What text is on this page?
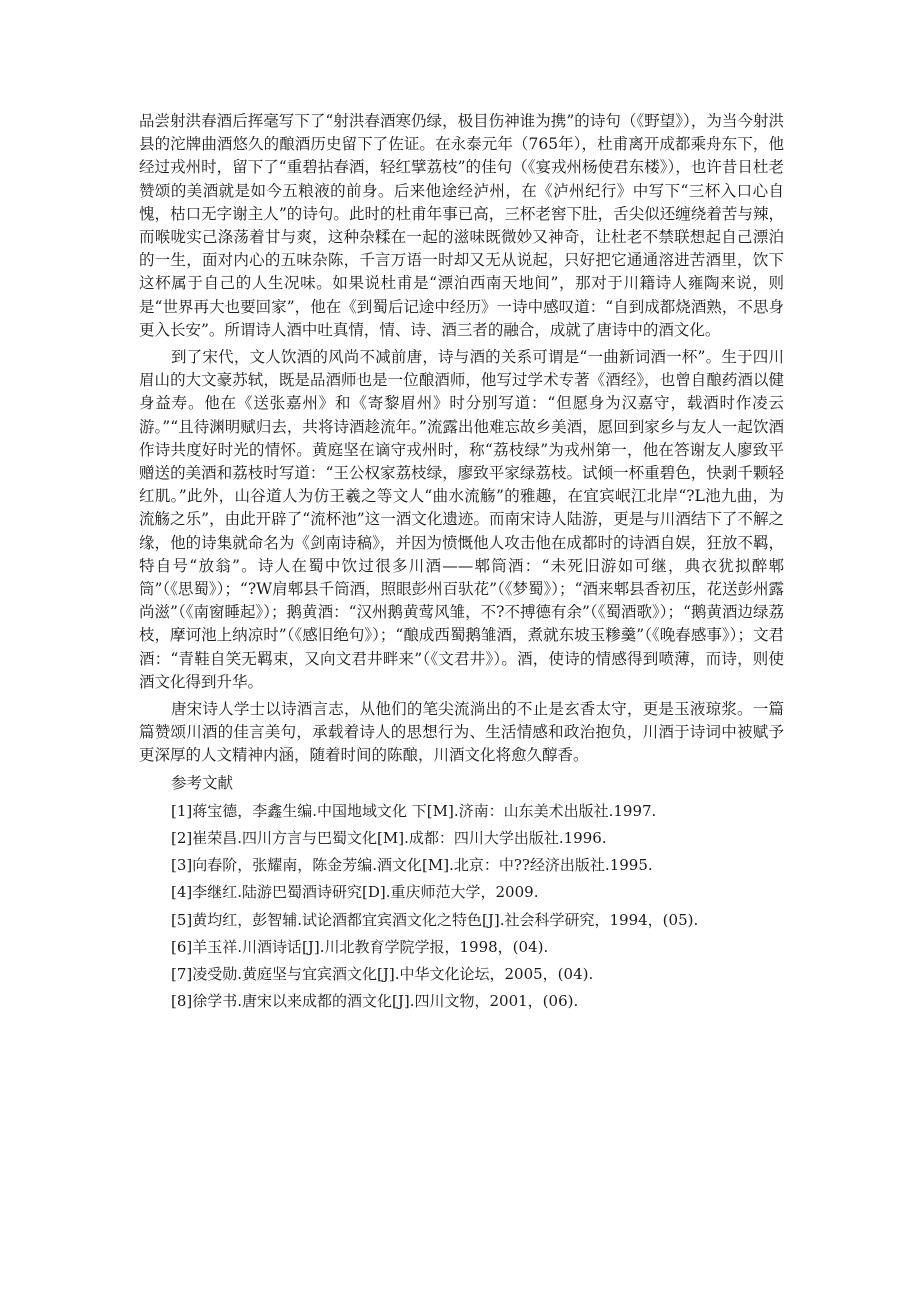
品尝射洪春酒后挥毫写下了“射洪春酒寒仍绿，极目伤神谁为携”的诗句（《野望》），为当今射洪县的沱牌曲酒悠久的酿酒历史留下了佐证。在永泰元年（765年），杜甫离开成都乘舟东下，他经过戎州时，留下了“重碧拈春酒，轻红擘荔枝”的佳句（《宴戎州杨使君东楼》），也许昔日杜老赞颂的美酒就是如今五粮液的前身。后来他途经泸州，在《泸州纪行》中写下“三杯入口心自愧，枯口无字谢主人”的诗句。此时的杜甫年事已高，三杯老窖下肚，舌尖似还缠绕着苦与辣，而喉咙实己涤荡着甘与爽，这种杂糅在一起的滋味既微妙又神奇，让杜老不禁联想起自己漂泊的一生，面对内心的五味杂陈，千言万语一时却又无从说起，只好把它通通溶进苦酒里，饮下这杯属于自己的人生况味。如果说杜甫是“漂泊西南天地间”，那对于川籍诗人雍陶来说，则是“世界再大也要回家”，他在《到蜀后记途中经历》一诗中感叹道：“自到成都烧酒熟，不思身更入长安”。所谓诗人酒中吐真情，情、诗、酒三者的融合，成就了唐诗中的酒文化。

到了宋代，文人饮酒的风尚不减前唐，诗与酒的关系可谓是“一曲新词酒一杯”。生于四川眉山的大文豪苏轼，既是品酒师也是一位酿酒师，他写过学术专著《酒经》，也曾自酿药酒以健身益寿。他在《送张嘉州》和《寄黎眉州》时分别写道：“但愿身为汉嘉守，载酒时作凌云游。”“且待渊明赋归去，共将诗酒趁流年。”流露出他难忘故乡美酒，愿回到家乡与友人一起饮酒作诗共度好时光的情怀。黄庭坚在谪守戎州时，称“荔枝绿”为戎州第一，他在答谢友人廖致平赠送的美酒和荔枝时写道：“王公权家荔枝绿，廖致平家绿荔枝。试倾一杯重碧色，快剥千颗轻红肌。”此外，山谷道人为仿王羲之等文人“曲水流觞”的雅趣，在宜宾岷江北岸“?L池九曲，为流觞之乐”，由此开辟了“流杯池”这一酒文化遗迹。而南宋诗人陆游，更是与川酒结下了不解之缘，他的诗集就命名为《剑南诗稿》，并因为愤慨他人攻击他在成都时的诗酒自娱，狂放不羁，特自号“放翁”。诗人在蜀中饮过很多川酒——郫筒酒：“未死旧游如可继，典衣犹拟醉郫筒”（《思蜀》）；“?W肩郫县千筒酒，照眼彭州百驮花”（《梦蜀》）；“酒来郫县香初压，花送彭州露尚滋”（《南窗睡起》）；鹅黄酒：“汉州鹅黄莺风雏，不?不搏德有余”（《蜀酒歌》）；“鹅黄酒边绿荔枝，摩诃池上纳凉时”（《感旧绝句》）；“酿成西蜀鹅雏酒，煮就东坡玉糁羹”（《晚春感事》）；文君酒：“青鞋自笑无羁束，又向文君井畔来”（《文君井》）。酒，使诗的情感得到喷薄，而诗，则使酒文化得到升华。

唐宋诗人学士以诗酒言志，从他们的笔尖流淌出的不止是玄香太守，更是玉液琼浆。一篇篇赞颂川酒的佳言美句，承载着诗人的思想行为、生活情感和政治抱负，川酒于诗词中被赋予更深厚的人文精神内涵，随着时间的陈酿，川酒文化将愈久醇香。

参考文献
[1]蒋宝德，李鑫生编.中国地域文化 下[M].济南：山东美术出版社.1997.
[2]崔荣昌.四川方言与巴蜀文化[M].成都：四川大学出版社.1996.
[3]向春阶，张耀南，陈金芳编.酒文化[M].北京：中??经济出版社.1995.
[4]李继红.陆游巴蜀酒诗研究[D].重庆师范大学，2009.
[5]黄均红，彭智辅.试论酒都宜宾酒文化之特色[J].社会科学研究，1994，(05).
[6]羊玉祥.川酒诗话[J].川北教育学院学报，1998，(04).
[7]凌受勋.黄庭坚与宜宾酒文化[J].中华文化论坛，2005，(04).
[8]徐学书.唐宋以来成都的酒文化[J].四川文物，2001，(06).
